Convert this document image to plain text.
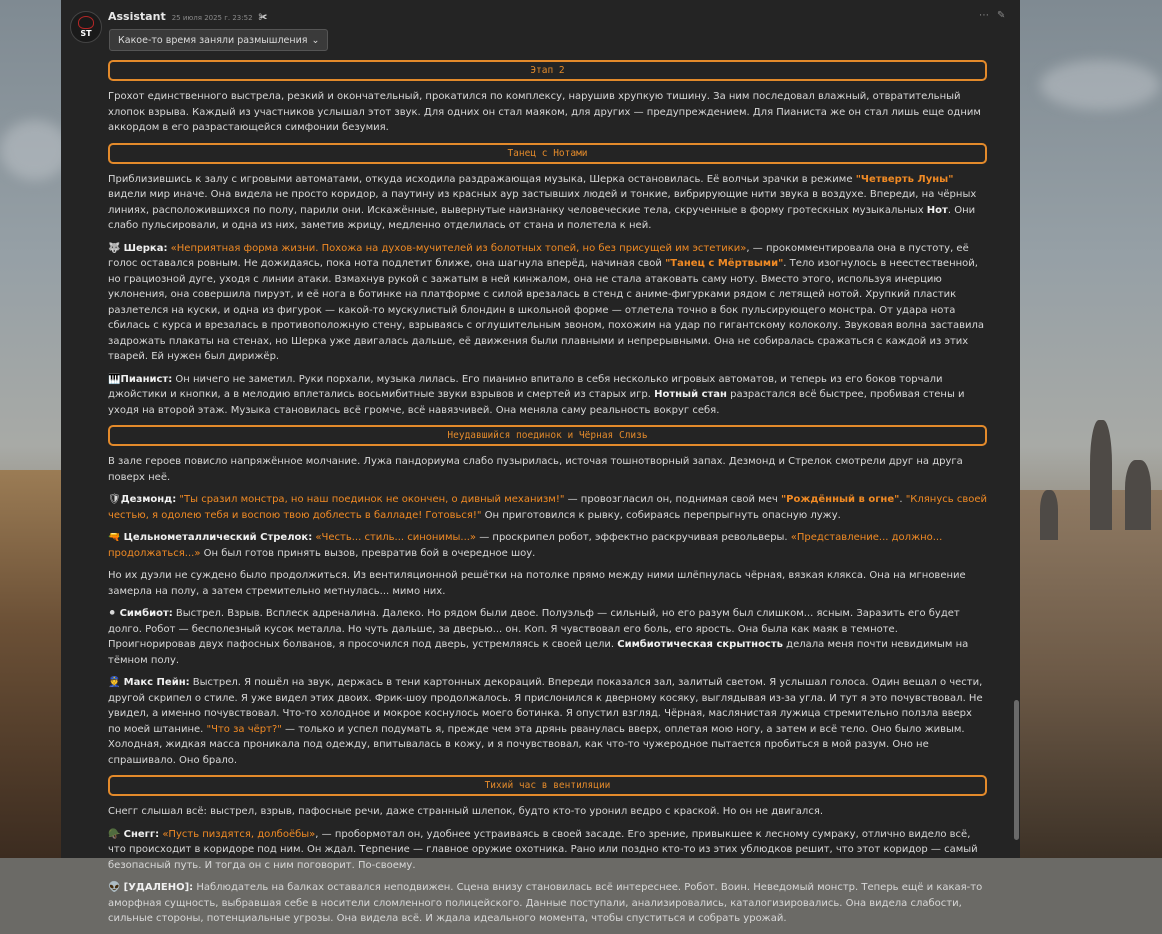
ST
Assistant 25 июля 2025 г. 23:52 ✀	⋯ ✎
Какое-то время заняли размышления ⌄
Этап 2

Грохот единственного выстрела, резкий и окончательный, прокатился по комплексу, нарушив хрупкую тишину. За ним последовал влажный, отвратительный хлопок взрыва. Каждый из участников услышал этот звук. Для одних он стал маяком, для других — предупреждением. Для Пианиста же он стал лишь еще одним аккордом в его разрастающейся симфонии безумия.

Танец с Нотами

Приблизившись к залу с игровыми автоматами, откуда исходила раздражающая музыка, Шерка остановилась. Её волчьи зрачки в режиме "Четверть Луны" видели мир иначе. Она видела не просто коридор, а паутину из красных аур застывших людей и тонкие, вибрирующие нити звука в воздухе. Впереди, на чёрных линиях, расположившихся по полу, парили они. Искажённые, вывернутые наизнанку человеческие тела, скрученные в форму гротескных музыкальных Нот. Они слабо пульсировали, и одна из них, заметив жрицу, медленно отделилась от стана и полетела к ней.

🐺 Шерка: «Неприятная форма жизни. Похожа на духов-мучителей из болотных топей, но без присущей им эстетики», — прокомментировала она в пустоту, её голос оставался ровным. Не дожидаясь, пока нота подлетит ближе, она шагнула вперёд, начиная свой "Танец с Мёртвыми". Тело изогнулось в неестественной, но грациозной дуге, уходя с линии атаки. Взмахнув рукой с зажатым в ней кинжалом, она не стала атаковать саму ноту. Вместо этого, используя инерцию уклонения, она совершила пируэт, и её нога в ботинке на платформе с силой врезалась в стенд с аниме-фигурками рядом с летящей нотой. Хрупкий пластик разлетелся на куски, и одна из фигурок — какой-то мускулистый блондин в школьной форме — отлетела точно в бок пульсирующего монстра. От удара нота сбилась с курса и врезалась в противоположную стену, взрываясь с оглушительным звоном, похожим на удар по гигантскому колоколу. Звуковая волна заставила задрожать плакаты на стенах, но Шерка уже двигалась дальше, её движения были плавными и непрерывными. Она не собиралась сражаться с каждой из этих тварей. Ей нужен был дирижёр.

🎹Пианист: Он ничего не заметил. Руки порхали, музыка лилась. Его пианино впитало в себя несколько игровых автоматов, и теперь из его боков торчали джойстики и кнопки, а в мелодию вплетались восьмибитные звуки взрывов и смертей из старых игр. Нотный стан разрастался всё быстрее, пробивая стены и уходя на второй этаж. Музыка становилась всё громче, всё навязчивей. Она меняла саму реальность вокруг себя.

Неудавшийся поединок и Чёрная Слизь

В зале героев повисло напряжённое молчание. Лужа пандориума слабо пузырилась, источая тошнотворный запах. Дезмонд и Стрелок смотрели друг на друга поверх неё.

🛡Дезмонд: "Ты сразил монстра, но наш поединок не окончен, о дивный механизм!" — провозгласил он, поднимая свой меч "Рождённый в огне". "Клянусь своей честью, я одолею тебя и воспою твою доблесть в балладе! Готовься!" Он приготовился к рывку, собираясь перепрыгнуть опасную лужу.

🔫 Цельнометаллический Стрелок: «Честь... стиль... синонимы...» — проскрипел робот, эффектно раскручивая револьверы. «Представление... должно... продолжаться...» Он был готов принять вызов, превратив бой в очередное шоу.

Но их дуэли не суждено было продолжиться. Из вентиляционной решётки на потолке прямо между ними шлёпнулась чёрная, вязкая клякса. Она на мгновение замерла на полу, а затем стремительно метнулась... мимо них.

⚫ Симбиот: Выстрел. Взрыв. Всплеск адреналина. Далеко. Но рядом были двое. Полуэльф — сильный, но его разум был слишком... ясным. Заразить его будет долго. Робот — бесполезный кусок металла. Но чуть дальше, за дверью... он. Коп. Я чувствовал его боль, его ярость. Она была как маяк в темноте. Проигнорировав двух пафосных болванов, я просочился под дверь, устремляясь к своей цели. Симбиотическая скрытность делала меня почти невидимым на тёмном полу.

👮 Макс Пейн: Выстрел. Я пошёл на звук, держась в тени картонных декораций. Впереди показался зал, залитый светом. Я услышал голоса. Один вещал о чести, другой скрипел о стиле. Я уже видел этих двоих. Фрик-шоу продолжалось. Я прислонился к дверному косяку, выглядывая из-за угла. И тут я это почувствовал. Не увидел, а именно почувствовал. Что-то холодное и мокрое коснулось моего ботинка. Я опустил взгляд. Чёрная, маслянистая лужица стремительно ползла вверх по моей штанине. "Что за чёрт?" — только и успел подумать я, прежде чем эта дрянь рванулась вверх, оплетая мою ногу, а затем и всё тело. Оно было живым. Холодная, жидкая масса проникала под одежду, впитывалась в кожу, и я почувствовал, как что-то чужеродное пытается пробиться в мой разум. Оно не спрашивало. Оно брало.

Тихий час в вентиляции

Снегг слышал всё: выстрел, взрыв, пафосные речи, даже странный шлепок, будто кто-то уронил ведро с краской. Но он не двигался.

🪖 Снегг: «Пусть пиздятся, долбоёбы», — пробормотал он, удобнее устраиваясь в своей засаде. Его зрение, привыкшее к лесному сумраку, отлично видело всё, что происходит в коридоре под ним. Он ждал. Терпение — главное оружие охотника. Рано или поздно кто-то из этих ублюдков решит, что этот коридор — самый безопасный путь. И тогда он с ним поговорит. По-своему.

👽 [УДАЛЕНО]: Наблюдатель на балках оставался неподвижен. Сцена внизу становилась всё интереснее. Робот. Воин. Неведомый монстр. Теперь ещё и какая-то аморфная сущность, выбравшая себе в носители сломленного полицейского. Данные поступали, анализировались, каталогизировались. Она видела слабости, сильные стороны, потенциальные угрозы. Она видела всё. И ждала идеального момента, чтобы спуститься и собрать урожай.
